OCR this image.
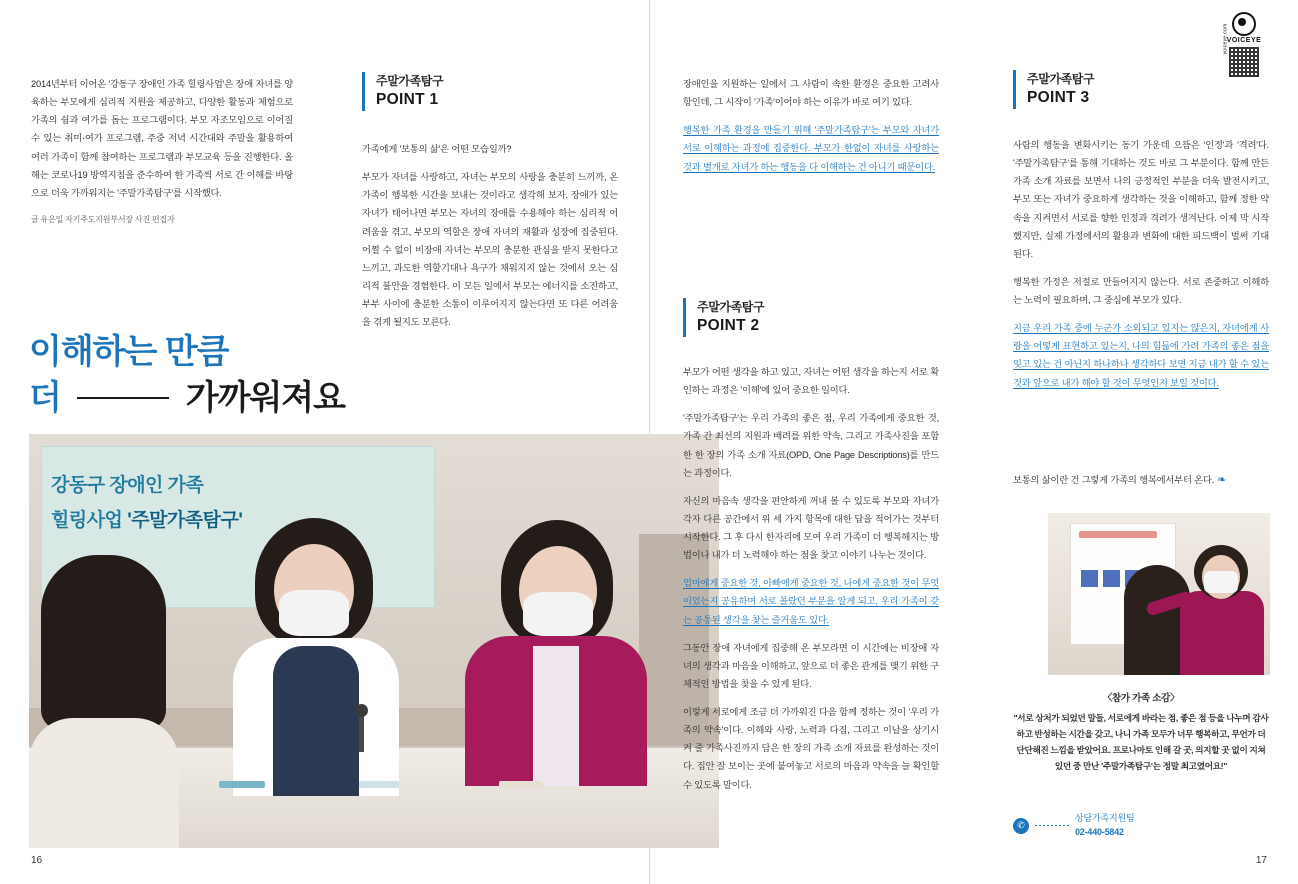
VOICEYE
voiceye.com

2014년부터 이어온 '강동구 장애인 가족 힐링사업'은 장애 자녀를 양육하는 부모에게 심리적 지원을 제공하고, 다양한 활동과 체험으로 가족의 쉼과 여가를 돕는 프로그램이다. 부모 자조모임으로 이어질 수 있는 취미·여가 프로그램, 주중 저녁 시간대와 주말을 활용하여 여러 가족이 함께 참여하는 프로그램과 부모교육 등을 진행한다. 올해는 코로나19 방역지침을 준수하여 한 가족씩 서로 간 이해를 바탕으로 더욱 가까워지는 '주말가족탐구'를 시작했다.

글 유은일 자기주도지원부서장 사진 편집자
이해하는 만큼
더	가까워져요
강동구 장애인 가족
힐링사업 '주말가족탐구'
주말가족탐구
POINT 1

가족에게 '보통의 삶'은 어떤 모습일까?

부모가 자녀를 사랑하고, 자녀는 부모의 사랑을 충분히 느끼까, 온 가족이 행복한 시간을 보내는 것이라고 생각해 보자. 장애가 있는 자녀가 태어나면 부모는 자녀의 장애를 수용해야 하는 심리적 어려움을 겪고, 부모의 역할은 장애 자녀의 재활과 성장에 집중된다. 어쩔 수 없이 비장애 자녀는 부모의 충분한 관심을 받지 못한다고 느끼고, 과도한 역할기대나 욕구가 채워지지 않는 것에서 오는 심리적 불안을 경험한다. 이 모든 일에서 부모는 에너지를 소진하고, 부부 사이에 충분한 소통이 이루어지지 않는다면 또 다른 어려움을 겪게 될지도 모른다.

장애인을 지원하는 일에서 그 사람이 속한 환경은 중요한 고려사항인데, 그 시작이 '가족'이어야 하는 이유가 바로 여기 있다.

행복한 가족 환경을 만들기 위해 '주말가족탐구'는 부모와 자녀가 서로 이해하는 과정에 집중한다. 부모가 한없이 자녀를 사랑하는 것과 별개로 자녀가 하는 행동을 다 이해하는 건 아니기 때문이다.

주말가족탐구
POINT 2

부모가 어떤 생각을 하고 있고, 자녀는 어떤 생각을 하는지 서로 확인하는 과정은 '이해'에 있어 중요한 일이다.

'주말가족탐구'는 우리 가족의 좋은 점, 우리 가족에게 중요한 것, 가족 간 최선의 지원과 배려를 위한 약속, 그리고 가족사진을 포함한 한 장의 가족 소개 자료(OPD, One Page Descriptions)를 만드는 과정이다.

자신의 마음속 생각을 편안하게 꺼내 볼 수 있도록 부모와 자녀가 각자 다른 공간에서 위 세 가지 항목에 대한 답을 적어가는 것부터 시작한다. 그 후 다시 한자리에 모여 우리 가족이 더 행복해지는 방법이나 내가 더 노력해야 하는 점을 찾고 이야기 나누는 것이다.

엄마에게 중요한 것, 아빠에게 중요한 것, 나에게 중요한 것이 무엇이었는지 공유하며 서로 몰랐던 부분을 알게 되고, 우리 가족이 갖는 공통된 생각을 찾는 즐거움도 있다.

그동안 장애 자녀에게 집중해 온 부모라면 이 시간에는 비장애 자녀의 생각과 마음을 이해하고, 앞으로 더 좋은 관계를 맺기 위한 구체적인 방법을 찾을 수 있게 된다.

이렇게 서로에게 조금 더 가까워진 다음 함께 정하는 것이 '우리 가족의 약속'이다. 이해와 사랑, 노력과 다짐, 그리고 이날을 상기시켜 줄 가족사진까지 담은 한 장의 가족 소개 자료를 완성하는 것이다. 집안 잘 보이는 곳에 붙여놓고 서로의 마음과 약속을 늘 확인할 수 있도록 말이다.

주말가족탐구
POINT 3

사람의 행동을 변화시키는 동기 가운데 으뜸은 '인정'과 '격려'다. '주말가족탐구'를 통해 기대하는 것도 바로 그 부분이다. 함께 만든 가족 소개 자료를 보면서 나의 긍정적인 부분을 더욱 발전시키고, 부모 또는 자녀가 중요하게 생각하는 것을 이해하고, 함께 정한 약속을 지켜면서 서로를 향한 인정과 격려가 생겨난다. 이제 막 시작했지만, 실제 가정에서의 활용과 변화에 대한 피드백이 벌써 기대된다.

행복한 가정은 저절로 만들어지지 않는다. 서로 존중하고 이해하는 노력이 필요하며, 그 중심에 부모가 있다.

지금 우리 가족 중에 누군가 소외되고 있지는 않은지, 자녀에게 사랑을 어떻게 표현하고 있는지, 나의 힘듦에 가려 가족의 좋은 점을 잊고 있는 건 아닌지 하나하나 생각하다 보면 지금 내가 할 수 있는 것과 앞으로 내가 해야 할 것이 무엇인지 보일 것이다.

보통의 삶이란 건 그렇게 가족의 행복에서부터 온다. ❧
〈참가 가족 소감〉
"서로 상처가 되었던 말들, 서로에게 바라는 점, 좋은 점 등을 나누며 감사하고 반성하는 시간을 갖고, 나니 가족 모두가 너무 행복하고, 무언가 더 단단해진 느낌을 받았어요. 프로나마토 인해 갈 곳, 의지할 곳 없이 지쳐있던 중 만난 '주말가족탐구'는 정말 최고였어요!"
✆
상담가족지원팀
02-440-5842
16	17
